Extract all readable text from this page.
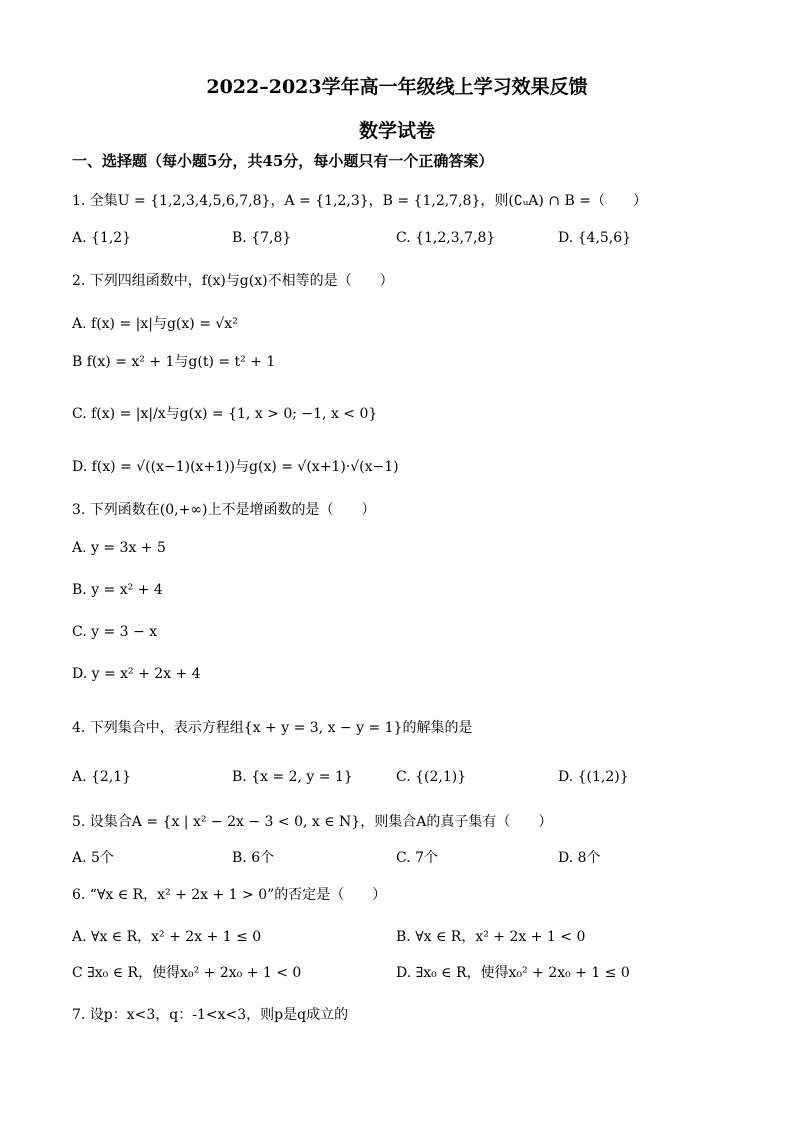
2022–2023学年高一年级线上学习效果反馈
数学试卷
一、选择题（每小题5分，共45分，每小题只有一个正确答案）
1. 全集U = {1,2,3,4,5,6,7,8}，A = {1,2,3}，B = {1,2,7,8}，则(∁ᵤA) ∩ B =（　　）
A. {1,2}	B. {7,8}	C. {1,2,3,7,8}	D. {4,5,6}
2. 下列四组函数中，f(x)与g(x)不相等的是（　　）
A. f(x) = |x|与g(x) = √x²
B f(x) = x² + 1与g(t) = t² + 1
C. f(x) = |x|/x与g(x) = {1, x > 0; −1, x < 0}
D. f(x) = √((x−1)(x+1))与g(x) = √(x+1)·√(x−1)
3. 下列函数在(0,+∞)上不是增函数的是（　　）
A. y = 3x + 5
B. y = x² + 4
C. y = 3 − x
D. y = x² + 2x + 4
4. 下列集合中，表示方程组{x + y = 3, x − y = 1}的解集的是
A. {2,1}	B. {x = 2, y = 1}	C. {(2,1)}	D. {(1,2)}
5. 设集合A = {x | x² − 2x − 3 < 0, x ∈ N}，则集合A的真子集有（　　）
A. 5个	B. 6个	C. 7个	D. 8个
6. “∀x ∈ R，x² + 2x + 1 > 0”的否定是（　　）
A. ∀x ∈ R，x² + 2x + 1 ≤ 0	B. ∀x ∈ R，x² + 2x + 1 < 0
C ∃x₀ ∈ R，使得x₀² + 2x₀ + 1 < 0	D. ∃x₀ ∈ R，使得x₀² + 2x₀ + 1 ≤ 0
7. 设p：x<3，q：-1<x<3，则p是q成立的
